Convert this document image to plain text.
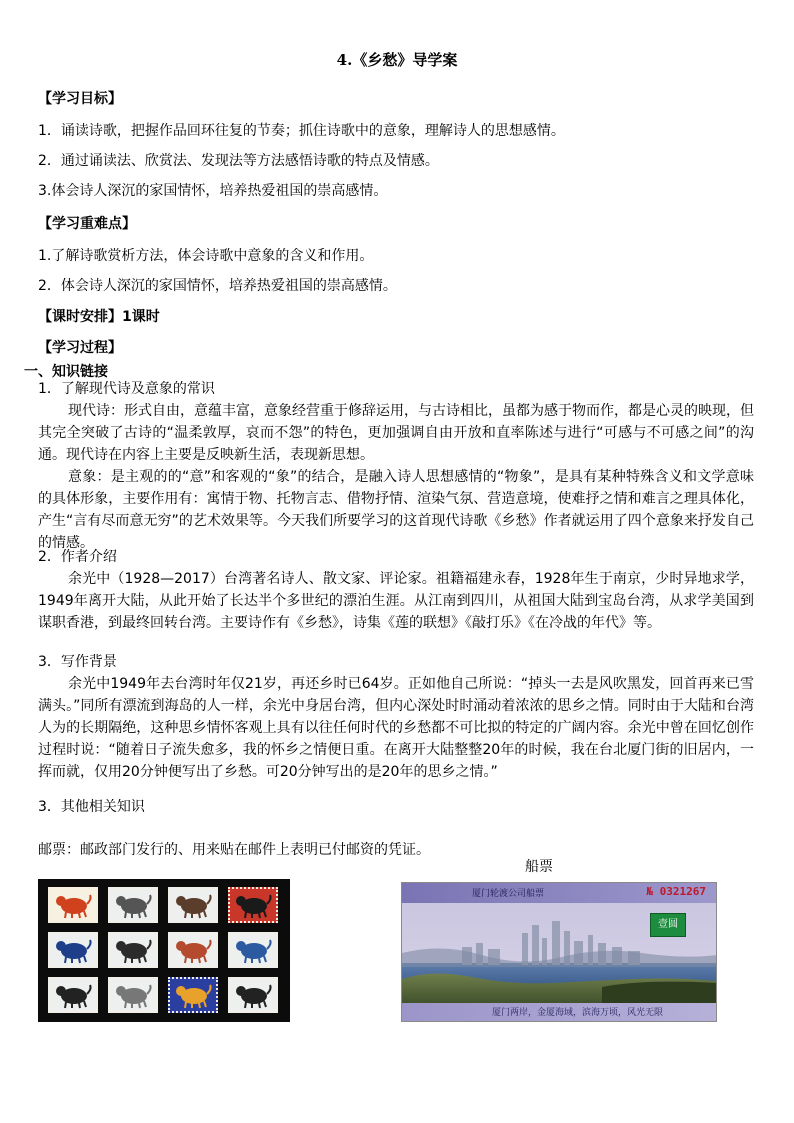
4.《乡愁》导学案
【学习目标】
1．诵读诗歌，把握作品回环往复的节奏；抓住诗歌中的意象，理解诗人的思想感情。
2．通过诵读法、欣赏法、发现法等方法感悟诗歌的特点及情感。
3.体会诗人深沉的家国情怀，培养热爱祖国的崇高感情。
【学习重难点】
1.了解诗歌赏析方法，体会诗歌中意象的含义和作用。
2．体会诗人深沉的家国情怀，培养热爱祖国的崇高感情。
【课时安排】1课时
【学习过程】
一、知识链接
1．了解现代诗及意象的常识
现代诗：形式自由，意蕴丰富，意象经营重于修辞运用，与古诗相比，虽都为感于物而作，都是心灵的映现，但其完全突破了古诗的“温柔敦厚，哀而不怨”的特色，更加强调自由开放和直率陈述与进行“可感与不可感之间”的沟通。现代诗在内容上主要是反映新生活，表现新思想。
意象：是主观的的“意”和客观的“象”的结合，是融入诗人思想感情的“物象”，是具有某种特殊含义和文学意味的具体形象，主要作用有：寓情于物、托物言志、借物抒情、渲染气氛、营造意境，使难抒之情和难言之理具体化，产生“言有尽而意无穷”的艺术效果等。今天我们所要学习的这首现代诗歌《乡愁》作者就运用了四个意象来抒发自己的情感。
2．作者介绍
余光中（1928—2017）台湾著名诗人、散文家、评论家。祖籍福建永春，1928年生于南京，少时异地求学，1949年离开大陆，从此开始了长达半个多世纪的漂泊生涯。从江南到四川，从祖国大陆到宝岛台湾，从求学美国到谋职香港，到最终回转台湾。主要诗作有《乡愁》，诗集《莲的联想》《敲打乐》《在冷战的年代》等。
3．写作背景
余光中1949年去台湾时年仅21岁，再还乡时已64岁。正如他自己所说：“掉头一去是风吹黑发，回首再来已雪满头。”同所有漂流到海岛的人一样，余光中身居台湾，但内心深处时时涌动着浓浓的思乡之情。同时由于大陆和台湾人为的长期隔绝，这种思乡情怀客观上具有以往任何时代的乡愁都不可比拟的特定的广阔内容。余光中曾在回忆创作过程时说：“随着日子流失愈多，我的怀乡之情便日重。在离开大陆整整20年的时候，我在台北厦门街的旧居内，一挥而就，仅用20分钟便写出了乡愁。可20分钟写出的是20年的思乡之情。”
3．其他相关知识
邮票：邮政部门发行的、用来贴在邮件上表明已付邮资的凭证。
船票
厦门轮渡公司船票	№ 0321267
壹圆
厦门两岸，金厦海域，滨海万顷，风光无限
